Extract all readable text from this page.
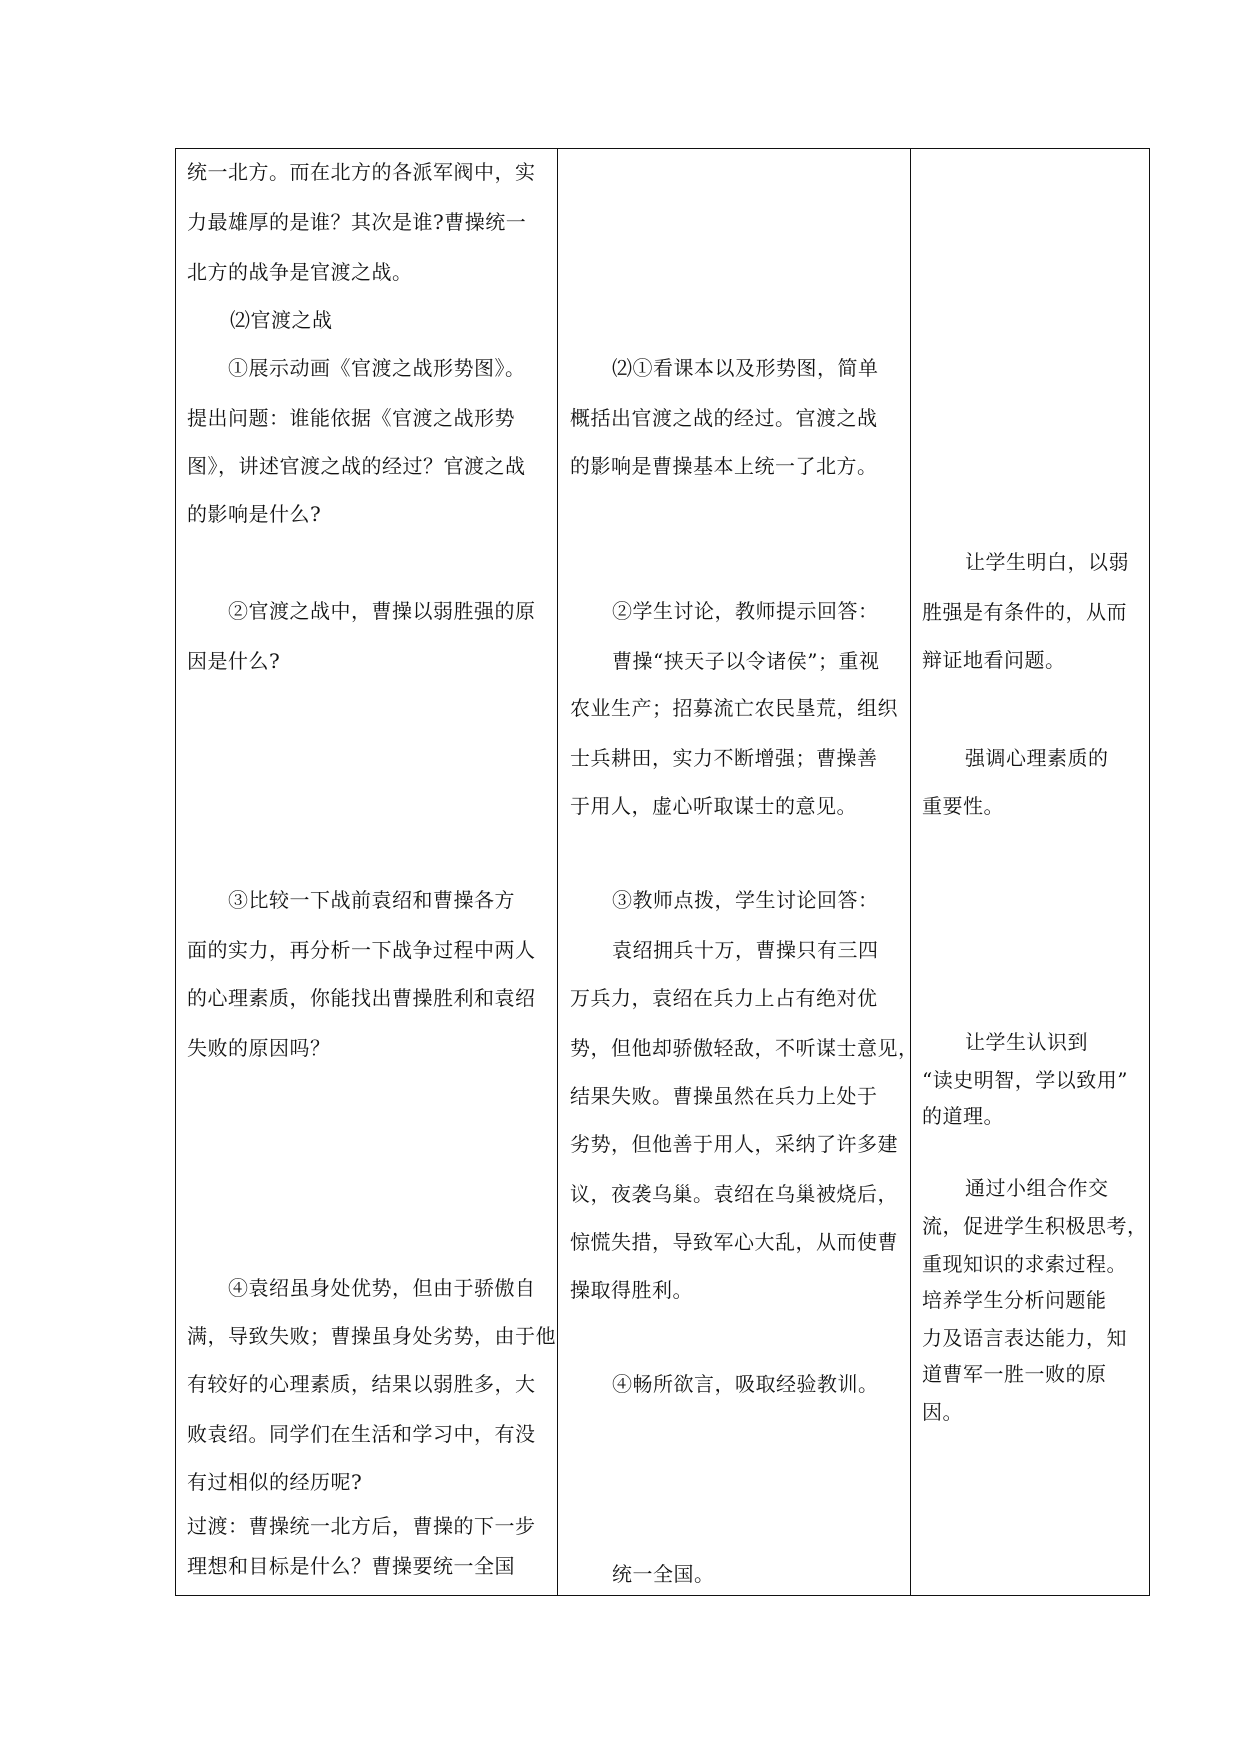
统一北方。而在北方的各派军阀中，实
力最雄厚的是谁？其次是谁?曹操统一
北方的战争是官渡之战。
⑵官渡之战
①展示动画《官渡之战形势图》。
提出问题：谁能依据《官渡之战形势
图》，讲述官渡之战的经过？官渡之战
的影响是什么?
②官渡之战中，曹操以弱胜强的原
因是什么?
③比较一下战前袁绍和曹操各方
面的实力，再分析一下战争过程中两人
的心理素质，你能找出曹操胜利和袁绍
失败的原因吗？
④袁绍虽身处优势，但由于骄傲自
满，导致失败；曹操虽身处劣势，由于他
有较好的心理素质，结果以弱胜多，大
败袁绍。同学们在生活和学习中，有没
有过相似的经历呢?
过渡：曹操统一北方后，曹操的下一步
理想和目标是什么？曹操要统一全国
⑵①看课本以及形势图，简单
概括出官渡之战的经过。官渡之战
的影响是曹操基本上统一了北方。
②学生讨论，教师提示回答：
曹操“挟天子以令诸侯”；重视
农业生产；招募流亡农民垦荒，组织
士兵耕田，实力不断增强；曹操善
于用人，虚心听取谋士的意见。
③教师点拨，学生讨论回答：
袁绍拥兵十万，曹操只有三四
万兵力，袁绍在兵力上占有绝对优
势，但他却骄傲轻敌，不听谋士意见，
结果失败。曹操虽然在兵力上处于
劣势，但他善于用人，采纳了许多建
议，夜袭乌巢。袁绍在乌巢被烧后，
惊慌失措，导致军心大乱，从而使曹
操取得胜利。
④畅所欲言，吸取经验教训。
统一全国。
让学生明白，以弱
胜强是有条件的，从而
辩证地看问题。
强调心理素质的
重要性。
让学生认识到
“读史明智，学以致用”
的道理。
通过小组合作交
流，促进学生积极思考，
重现知识的求索过程。
培养学生分析问题能
力及语言表达能力，知
道曹军一胜一败的原
因。
